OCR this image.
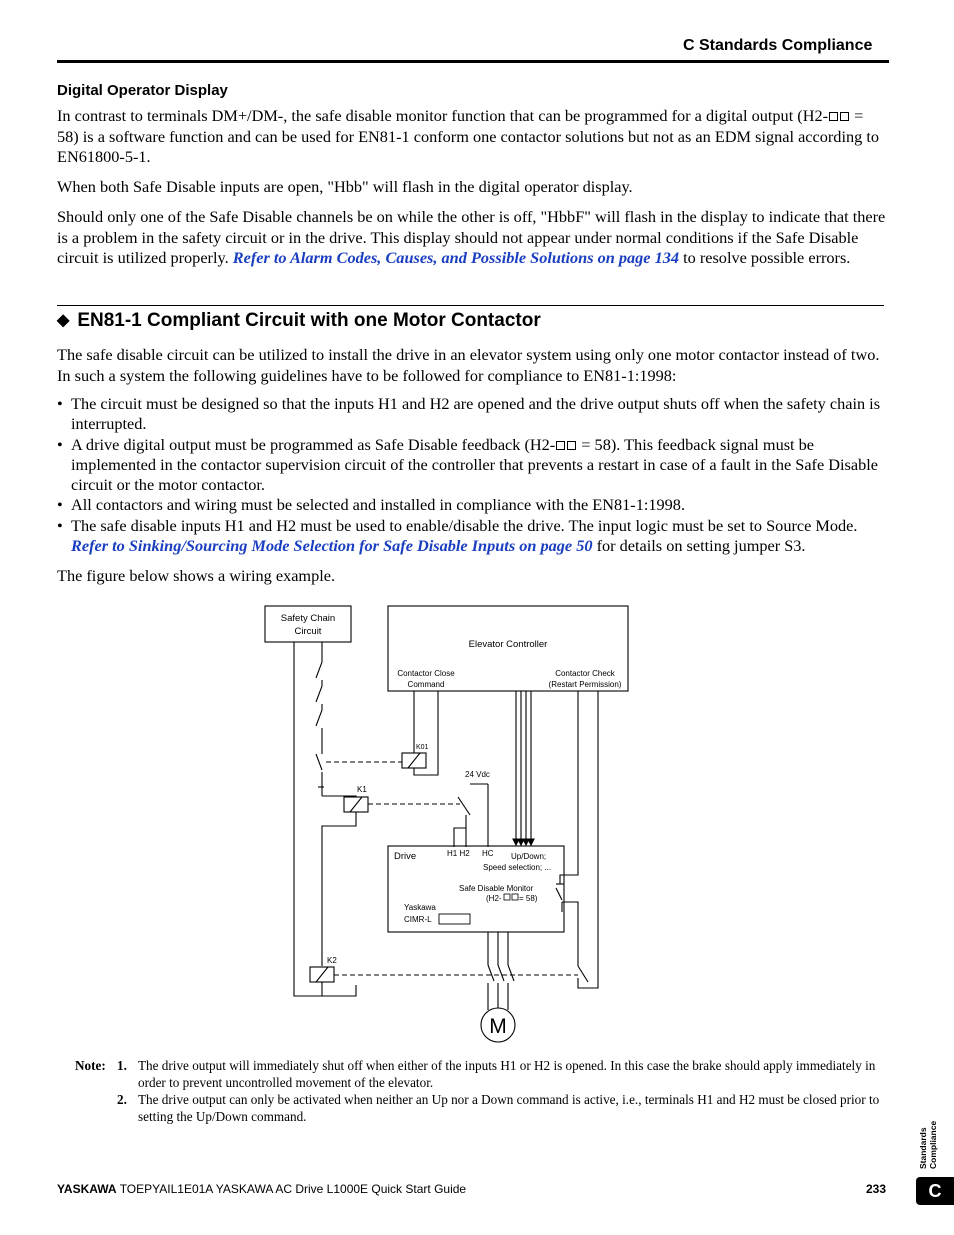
C Standards Compliance
Digital Operator Display

In contrast to terminals DM+/DM-, the safe disable monitor function that can be programmed for a digital output (H2- = 58) is a software function and can be used for EN81-1 conform one contactor solutions but not as an EDM signal according to EN61800-5-1.

When both Safe Disable inputs are open, "Hbb" will flash in the digital operator display.

Should only one of the Safe Disable channels be on while the other is off, "HbbF" will flash in the display to indicate that there is a problem in the safety circuit or in the drive. This display should not appear under normal conditions if the Safe Disable circuit is utilized properly. Refer to Alarm Codes, Causes, and Possible Solutions on page 134 to resolve possible errors.

◆ EN81-1 Compliant Circuit with one Motor Contactor

The safe disable circuit can be utilized to install the drive in an elevator system using only one motor contactor instead of two. In such a system the following guidelines have to be followed for compliance to EN81-1:1998:

• The circuit must be designed so that the inputs H1 and H2 are opened and the drive output shuts off when the safety chain is interrupted.
• A drive digital output must be programmed as Safe Disable feedback (H2- = 58). This feedback signal must be implemented in the contactor supervision circuit of the controller that prevents a restart in case of a fault in the Safe Disable circuit or the motor contactor.
• All contactors and wiring must be selected and installed in compliance with the EN81-1:1998.
• The safe disable inputs H1 and H2 must be used to enable/disable the drive. The input logic must be set to Source Mode. Refer to Sinking/Sourcing Mode Selection for Safe Disable Inputs on page 50 for details on setting jumper S3.

The figure below shows a wiring example.

Safety Chain
Circuit
Elevator Controller
Contactor Close
Command
Contactor Check
(Restart Permission)
K1
K2
K01
24 Vdc
Drive	H1 H2 HC Up/Down;
Speed selection; ...
Safe Disable Monitor
(H2- = 58)
Yaskawa
CIMR-L
M
Note: 1. The drive output will immediately shut off when either of the inputs H1 or H2 is opened. In this case the brake should apply immediately in order to prevent uncontrolled movement of the elevator.
2. The drive output can only be activated when neither an Up nor a Down command is active, i.e., terminals H1 and H2 must be closed prior to setting the Up/Down command.
YASKAWA TOEPYAIL1E01A YASKAWA AC Drive L1000E Quick Start Guide	233
Standards Compliance
C
